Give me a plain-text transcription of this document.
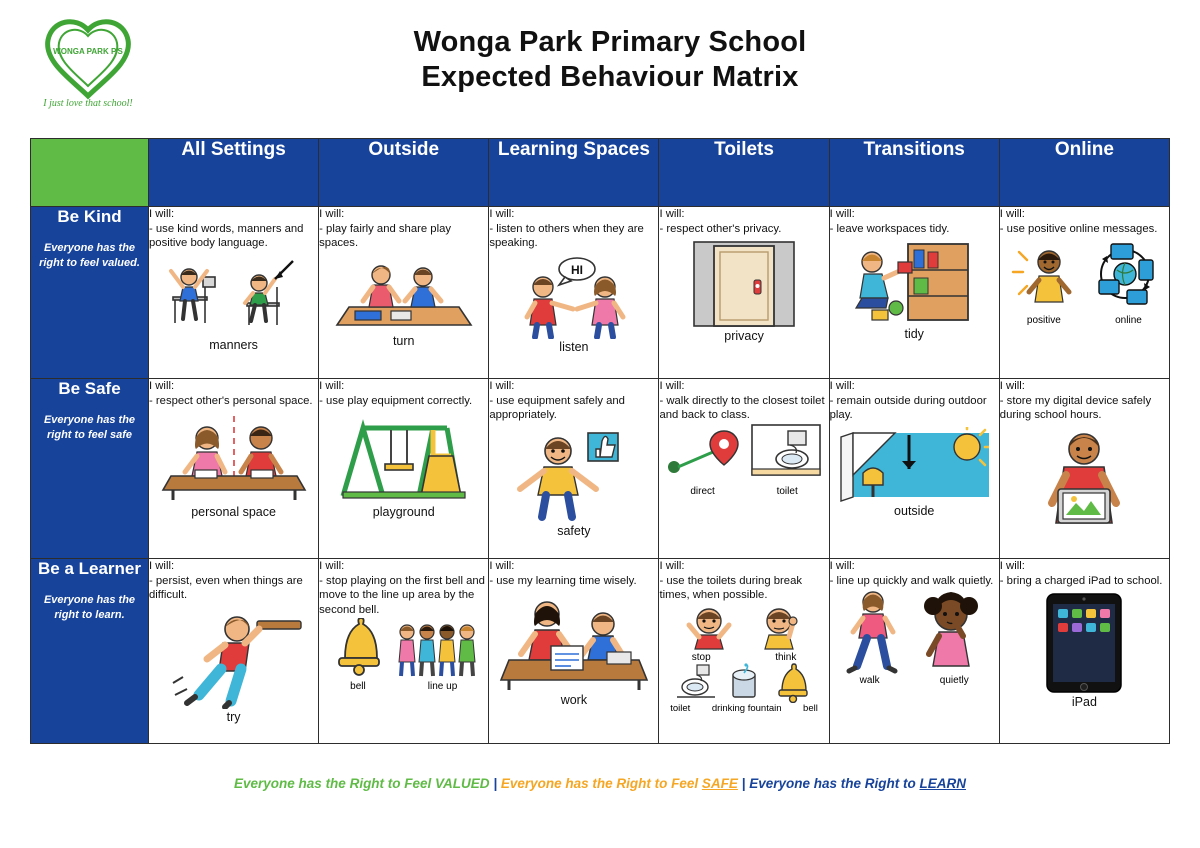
WONGA PARK P.S
I just love that school!
Wonga Park Primary School
Expected Behaviour Matrix
	All Settings	Outside	Learning Spaces	Toilets	Transitions	Online

Be Kind
Everyone has the right to feel valued.

I will:
- use kind words, manners and positive body language.
manners

I will:
- play fairly and share play spaces.
turn

I will:
- listen to others when they are speaking.
HI
listen

I will:
- respect other's privacy.
privacy

I will:
- leave workspaces tidy.
tidy

I will:
- use positive online messages.
positive	online

Be Safe
Everyone has the right to feel safe

I will:
- respect other's personal space.
personal space

I will:
- use play equipment correctly.
playground

I will:
- use equipment safely and appropriately.
safety

I will:
- walk directly to the closest toilet and back to class.
direct	toilet

I will:
- remain outside during outdoor play.
outside

I will:
- store my digital device safely during school hours.

Be a Learner
Everyone has the right to learn.

I will:
- persist, even when things are difficult.
try

I will:
- stop playing on the first bell and move to the line up area by the second bell.
bell	line up

I will:
- use my learning time wisely.
work

I will:
- use the toilets during break times, when possible.
stop	think
toilet drinking fountain bell

I will:
- line up quickly and walk quietly.
walk	quietly

I will:
- bring a charged iPad to school.
iPad
Everyone has the Right to Feel VALUED | Everyone has the Right to Feel SAFE | Everyone has the Right to LEARN
